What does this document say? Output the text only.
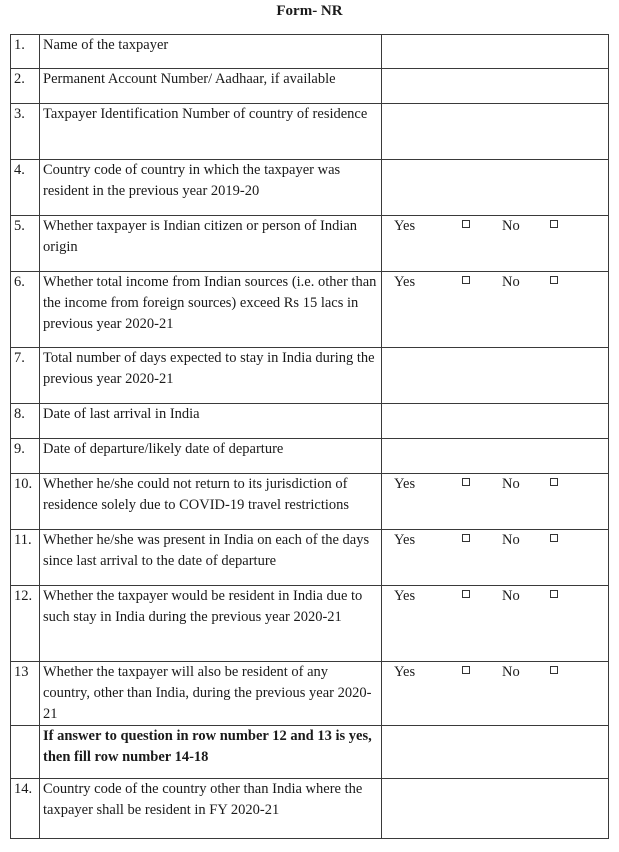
Form- NR
1.	Name of the taxpayer	
2.	Permanent Account Number/ Aadhaar, if available	
3.	Taxpayer Identification Number of country of residence	
4.	Country code of country in which the taxpayer was resident in the previous year 2019-20	
5.	Whether taxpayer is Indian citizen or person of Indian origin	Yes No

6.	Whether total income from Indian sources (i.e. other than the income from foreign sources) exceed Rs 15 lacs in previous year 2020-21	Yes No

7.	Total number of days expected to stay in India during the previous year 2020-21	
8.	Date of last arrival in India	
9.	Date of departure/likely date of departure	
10.	Whether he/she could not return to its jurisdiction of residence solely due to COVID-19 travel restrictions	Yes No

11.	Whether he/she was present in India on each of the days since last arrival to the date of departure	Yes No

12.	Whether the taxpayer would be resident in India due to such stay in India during the previous year 2020-21	Yes No

13	Whether the taxpayer will also be resident of any country, other than India, during the previous year 2020-21	Yes No

	If answer to question in row number 12 and 13 is yes, then fill row number 14-18	
14.	Country code of the country other than India where the taxpayer shall be resident in FY 2020-21	
